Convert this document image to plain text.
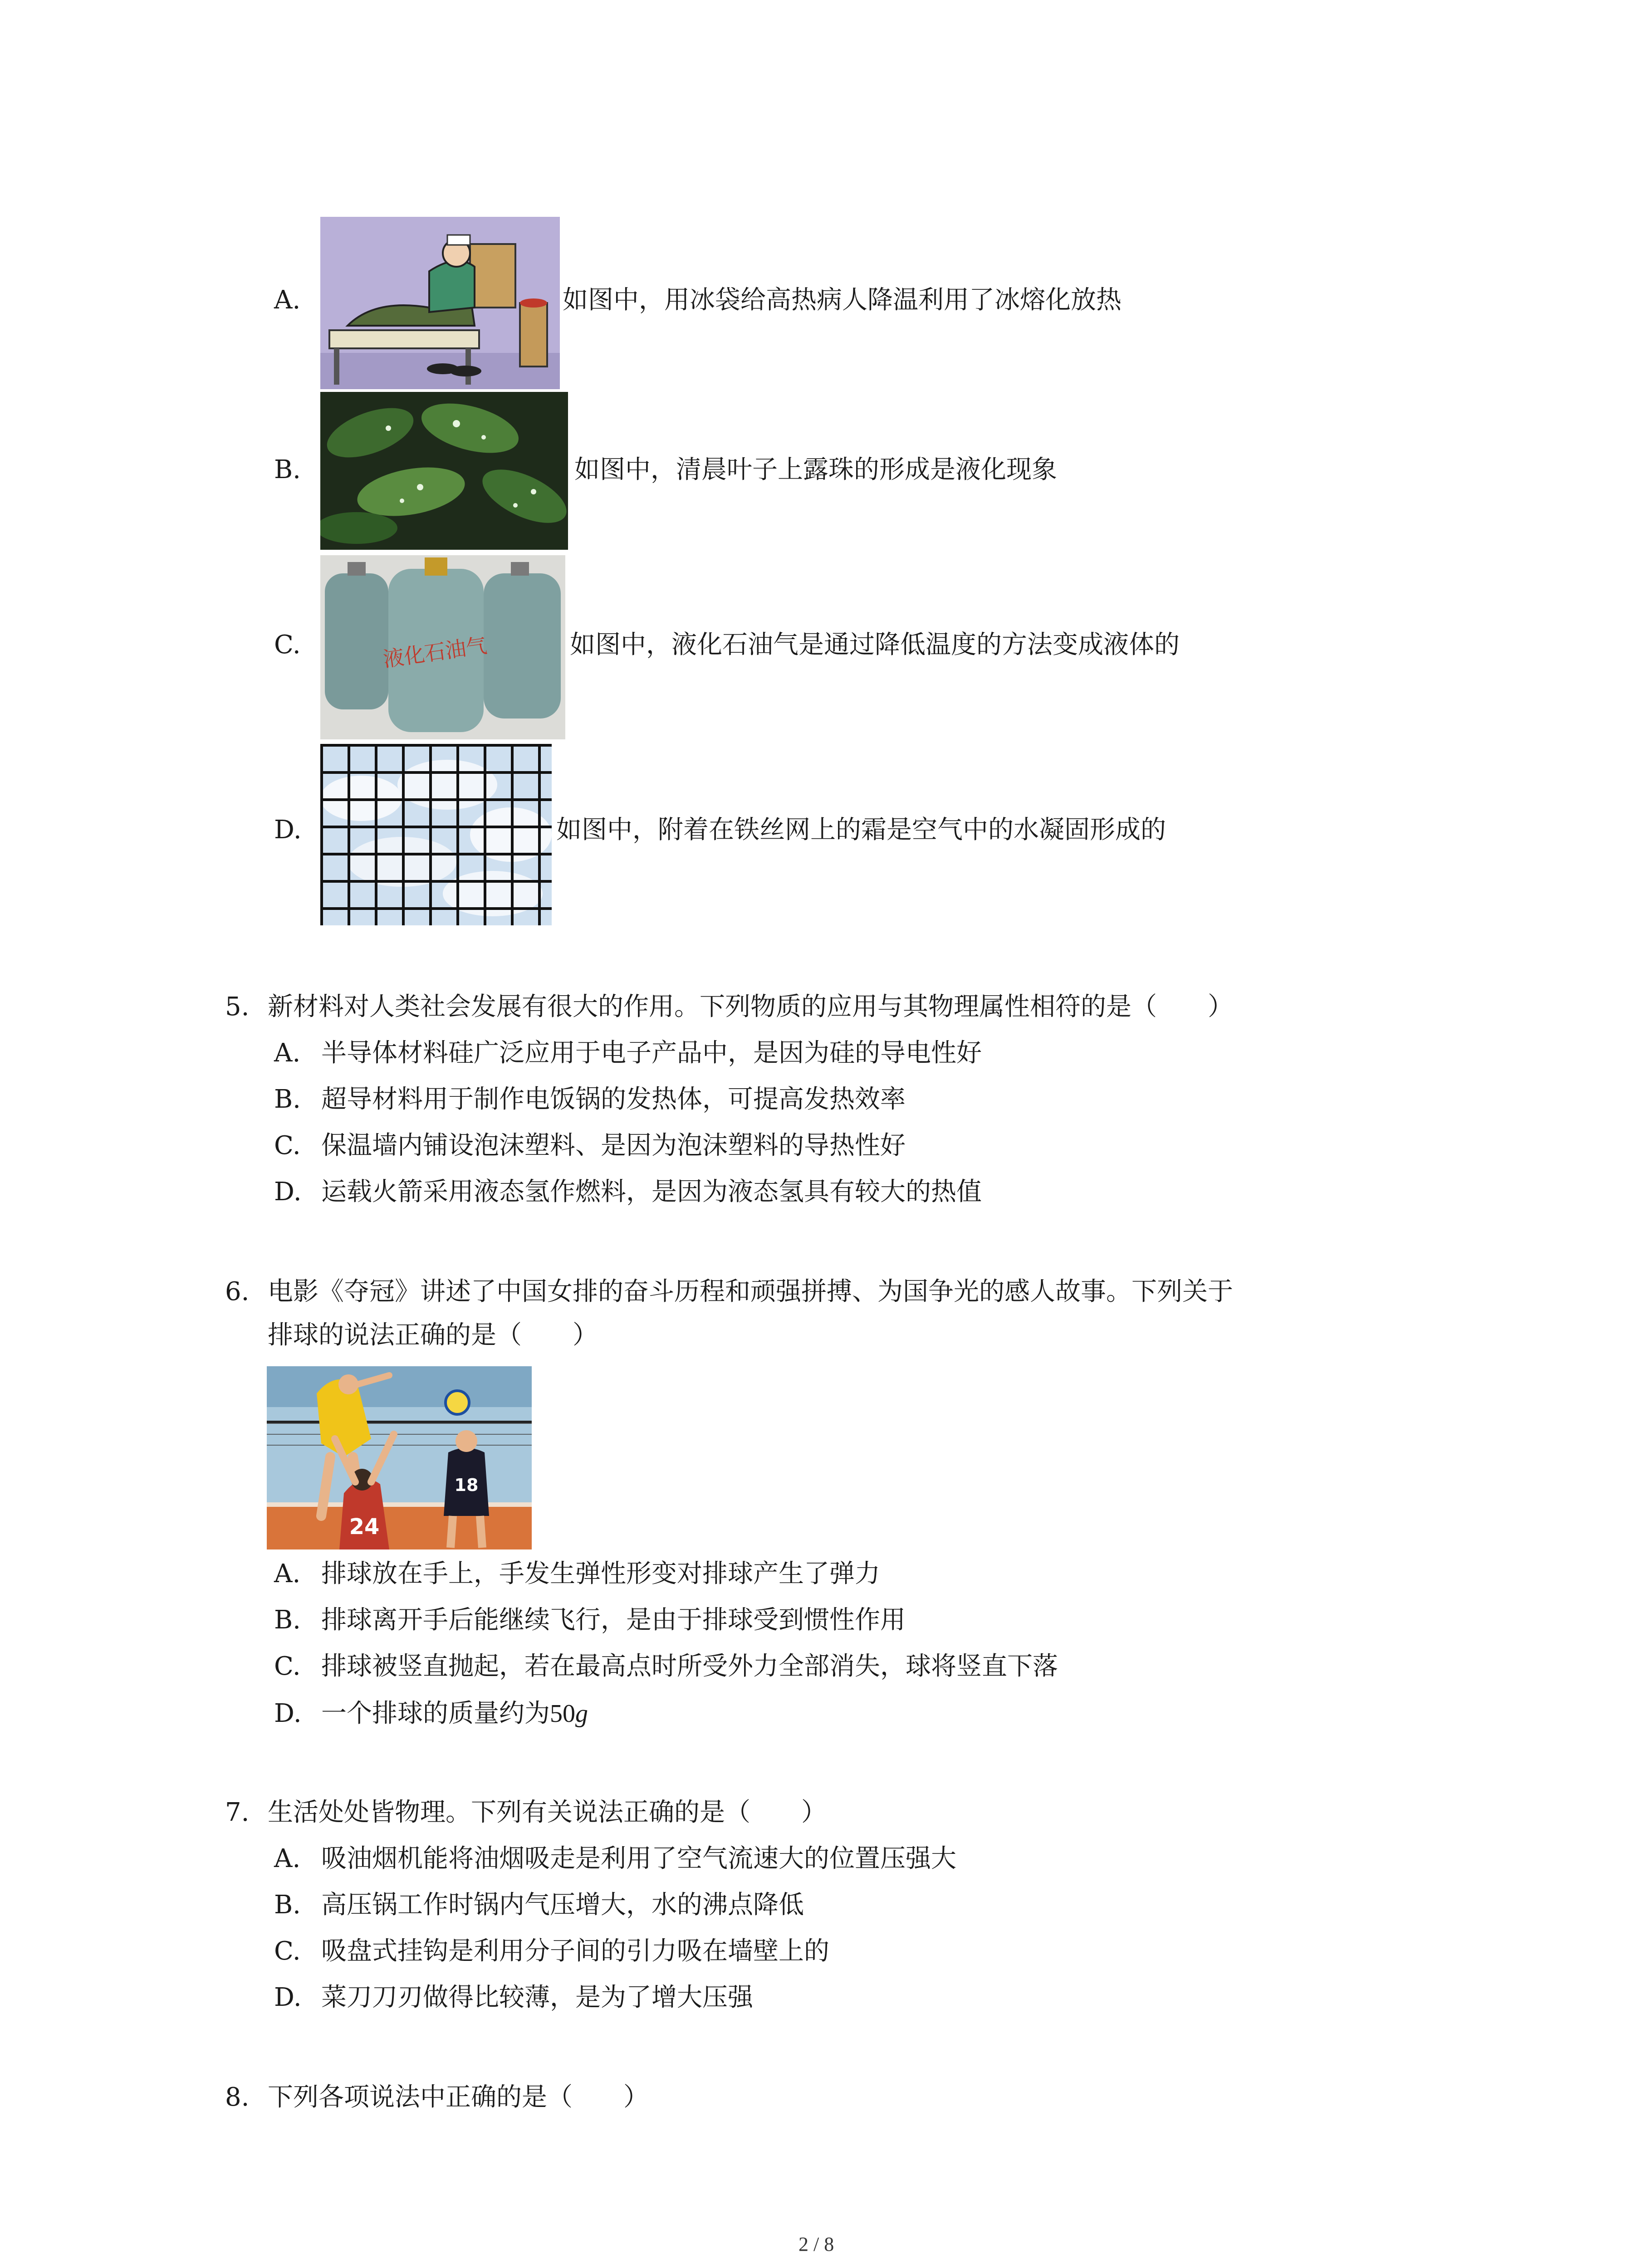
A.	如图中，用冰袋给高热病人降温利用了冰熔化放热
B.	如图中，清晨叶子上露珠的形成是液化现象
C.	液化石油气	如图中，液化石油气是通过降低温度的方法变成液体的
D.	如图中，附着在铁丝网上的霜是空气中的水凝固形成的
5. 新材料对人类社会发展有很大的作用。下列物质的应用与其物理属性相符的是（　　）
A. 半导体材料硅广泛应用于电子产品中，是因为硅的导电性好
B. 超导材料用于制作电饭锅的发热体，可提高发热效率
C. 保温墙内铺设泡沫塑料、是因为泡沫塑料的导热性好
D. 运载火箭采用液态氢作燃料，是因为液态氢具有较大的热值
6. 电影《夺冠》讲述了中国女排的奋斗历程和顽强拼搏、为国争光的感人故事。下列关于
排球的说法正确的是（　　）
24
18
A. 排球放在手上，手发生弹性形变对排球产生了弹力
B. 排球离开手后能继续飞行，是由于排球受到惯性作用
C. 排球被竖直抛起，若在最高点时所受外力全部消失，球将竖直下落
D. 一个排球的质量约为50g
7. 生活处处皆物理。下列有关说法正确的是（　　）
A. 吸油烟机能将油烟吸走是利用了空气流速大的位置压强大
B. 高压锅工作时锅内气压增大，水的沸点降低
C. 吸盘式挂钩是利用分子间的引力吸在墙壁上的
D. 菜刀刀刃做得比较薄，是为了增大压强
8. 下列各项说法中正确的是（　　）
2 / 8
